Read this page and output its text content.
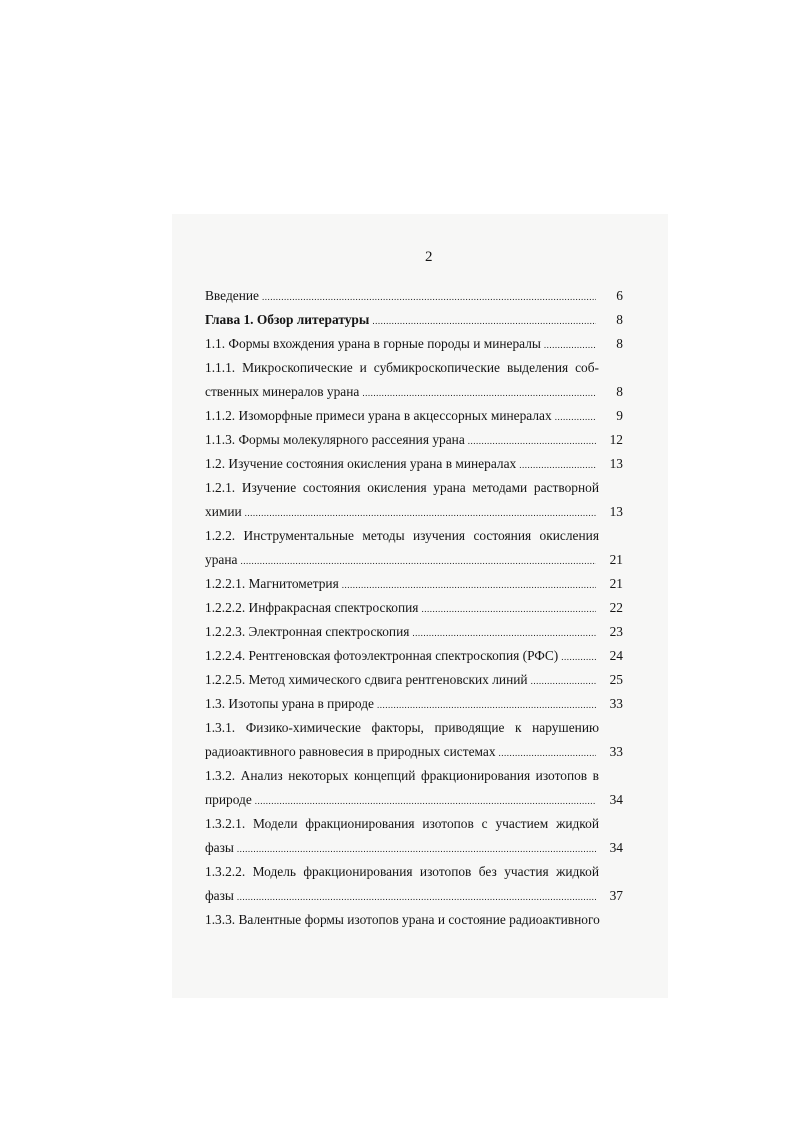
2
Введение .....	6
Глава 1. Обзор литературы .....	8
1.1. Формы вхождения урана в горные породы и минералы .....	8
1.1.1. Микроскопические и субмикроскопические выделения соб-
ственных минералов урана .....	8
1.1.2. Изоморфные примеси урана в акцессорных минералах .....	9
1.1.3. Формы молекулярного рассеяния урана .....	12
1.2. Изучение состояния окисления урана в минералах .....	13
1.2.1. Изучение состояния окисления урана методами растворной
химии .....	13
1.2.2. Инструментальные методы изучения состояния окисления
урана .....	21
1.2.2.1. Магнитометрия .....	21
1.2.2.2. Инфракрасная спектроскопия .....	22
1.2.2.3. Электронная спектроскопия .....	23
1.2.2.4. Рентгеновская фотоэлектронная спектроскопия (РФС) .....	24
1.2.2.5. Метод химического сдвига рентгеновских линий .....	25
1.3. Изотопы урана в природе .....	33
1.3.1. Физико-химические факторы, приводящие к нарушению
радиоактивного равновесия в природных системах .....	33
1.3.2. Анализ некоторых концепций фракционирования изотопов в
природе .....	34
1.3.2.1. Модели фракционирования изотопов с участием жидкой
фазы .....	34
1.3.2.2. Модель фракционирования изотопов без участия жидкой
фазы .....	37
1.3.3. Валентные формы изотопов урана и состояние радиоактивного
